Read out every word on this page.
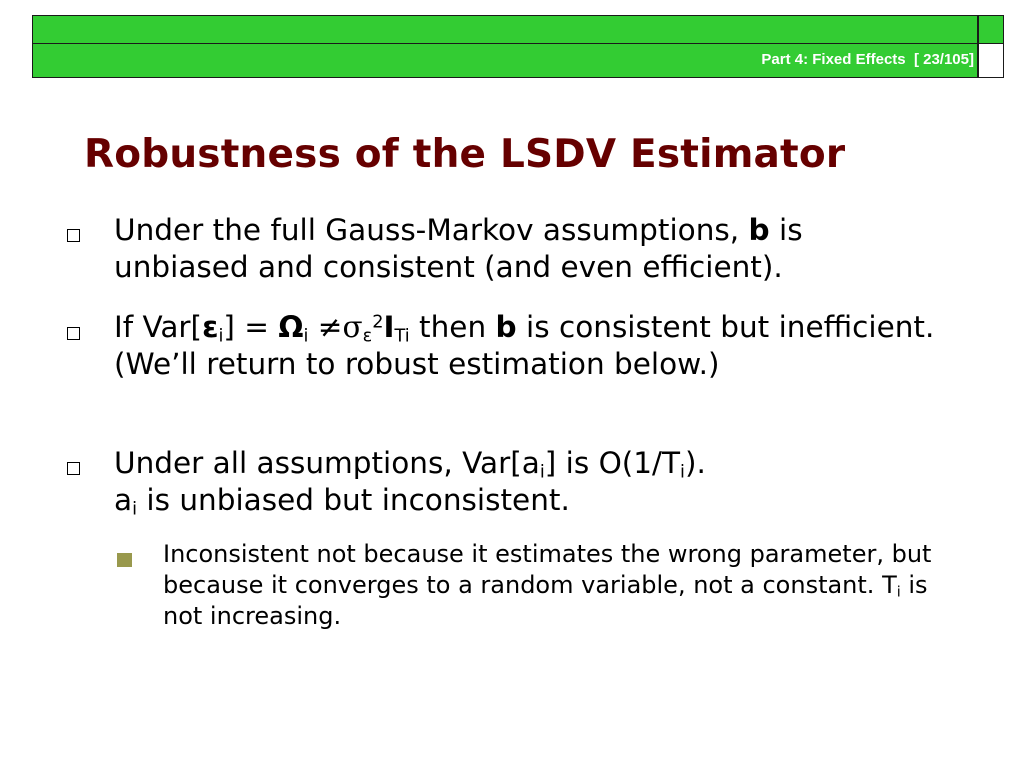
Part 4: Fixed Effects  [ 23/105]
Robustness of the LSDV Estimator
Under the full Gauss-Markov assumptions, b is unbiased and consistent (and even efficient).
If $Var[\varepsilon_i] = \Omega_i \ne\sigma_\varepsilon^2I_{Ti}$ then b is consistent but inefficient. (We’ll return to robust estimation below.)
Under all assumptions, $Var[a_i]$ is $O(1/T_i)$.
$a_i$ is unbiased but inconsistent.
Inconsistent not because it estimates the wrong parameter, but because it converges to a random variable, not a constant. $T_i$ is not increasing.
